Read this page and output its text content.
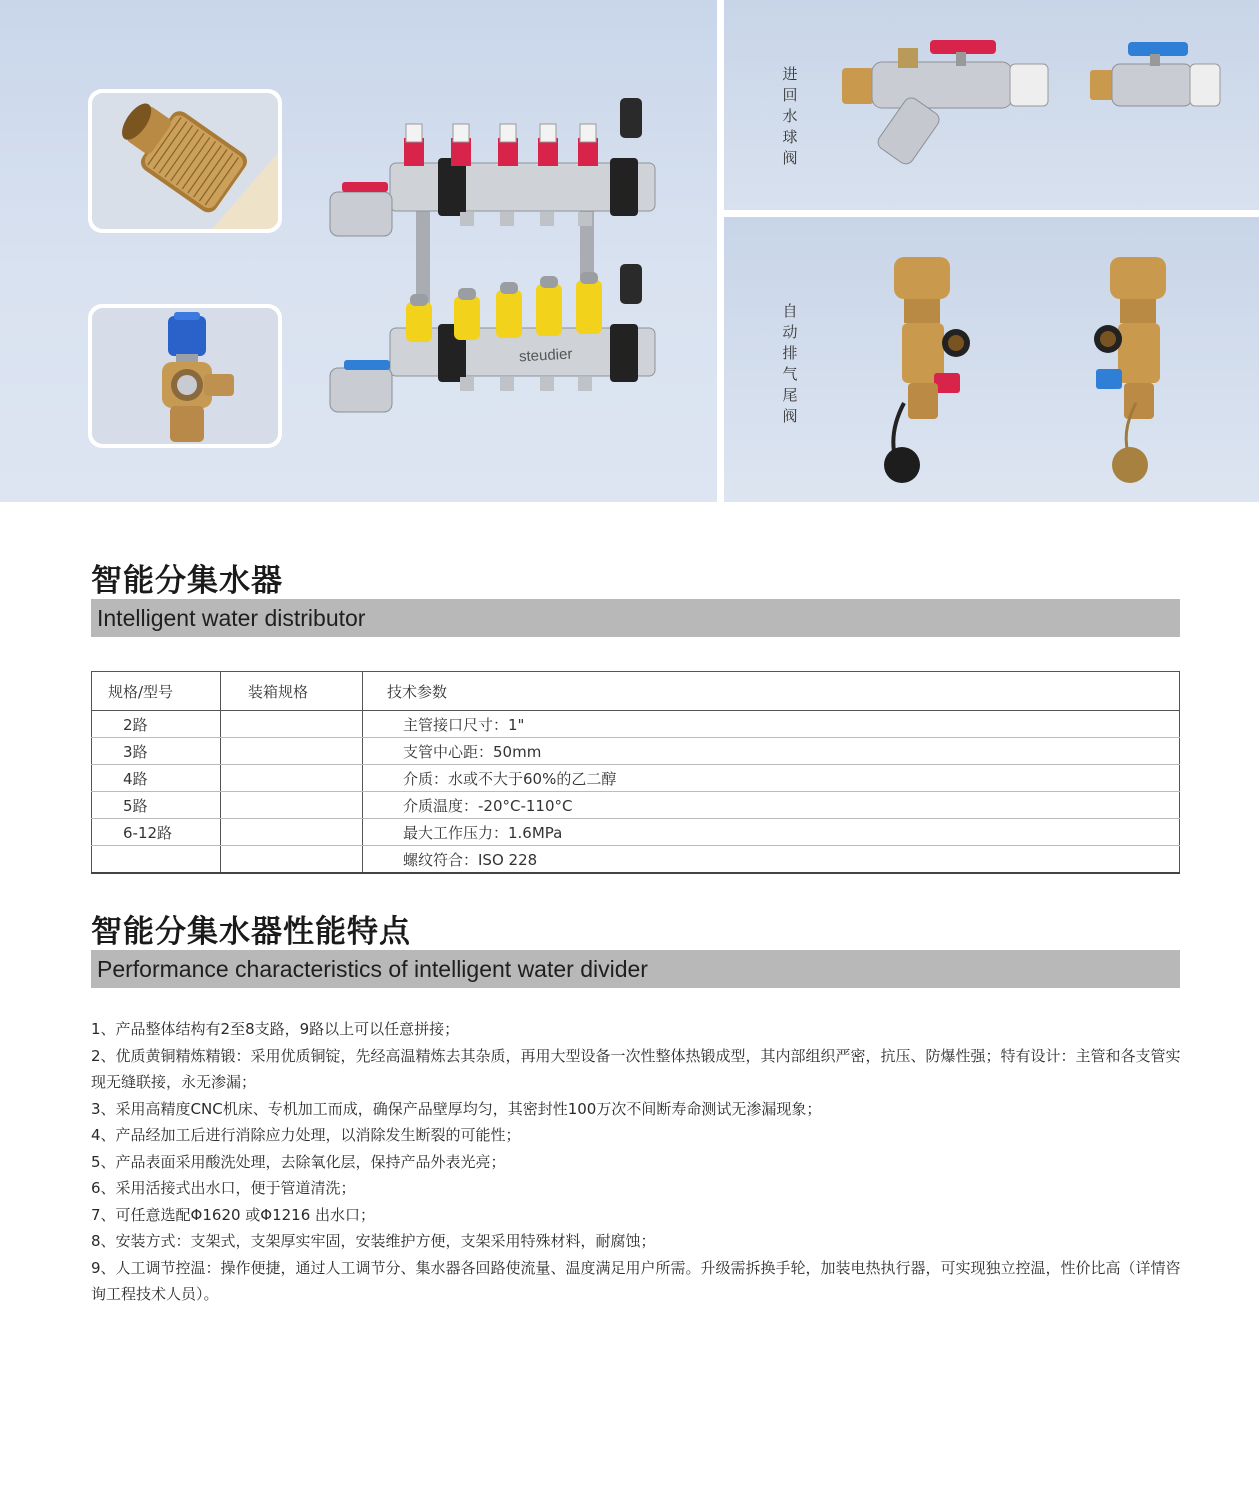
steudier
进回水球阀
自动排气尾阀
智能分集水器
Intelligent water distributor
规格/型号	装箱规格	技术参数
2路		主管接口尺寸：1"
3路		支管中心距：50mm
4路		介质：水或不大于60%的乙二醇
5路		介质温度：-20°C-110°C
6-12路		最大工作压力：1.6MPa
		螺纹符合：ISO 228
智能分集水器性能特点
Performance characteristics of intelligent water divider

1、产品整体结构有2至8支路，9路以上可以任意拼接；

2、优质黄铜精炼精锻：采用优质铜锭，先经高温精炼去其杂质，再用大型设备一次性整体热锻成型，其内部组织严密，抗压、防爆性强；特有设计：主管和各支管实现无缝联接，永无渗漏；

3、采用高精度CNC机床、专机加工而成，确保产品壁厚均匀，其密封性100万次不间断寿命测试无渗漏现象；

4、产品经加工后进行消除应力处理，以消除发生断裂的可能性；

5、产品表面采用酸洗处理，去除氧化层，保持产品外表光亮；

6、采用活接式出水口，便于管道清洗；

7、可任意选配Φ1620 或Φ1216 出水口；

8、安装方式：支架式，支架厚实牢固，安装维护方便，支架采用特殊材料，耐腐蚀；

9、人工调节控温：操作便捷，通过人工调节分、集水器各回路使流量、温度满足用户所需。升级需拆换手轮，加装电热执行器，可实现独立控温，性价比高（详情咨询工程技术人员）。
